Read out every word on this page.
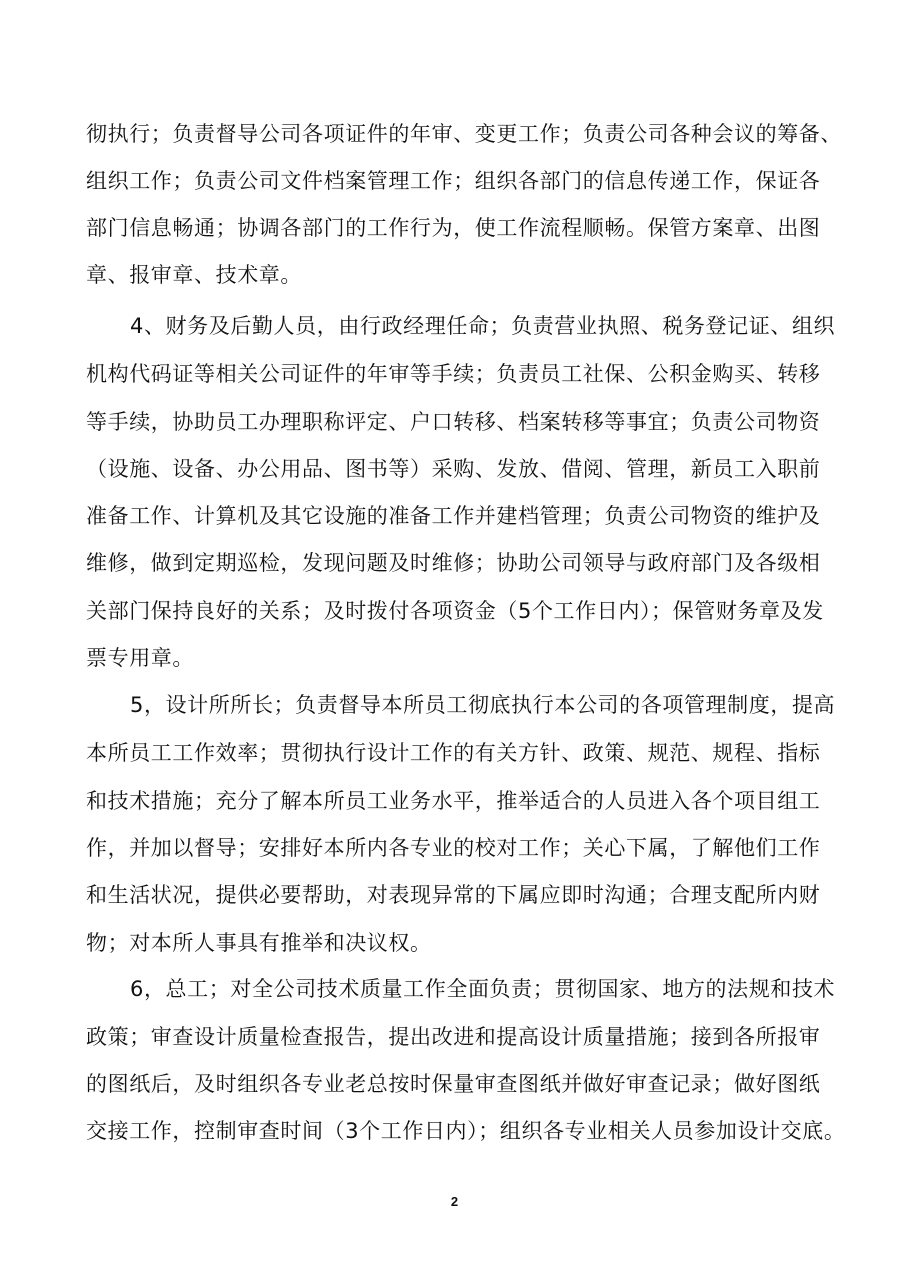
彻执行；负责督导公司各项证件的年审、变更工作；负责公司各种会议的筹备、
组织工作；负责公司文件档案管理工作；组织各部门的信息传递工作，保证各
部门信息畅通；协调各部门的工作行为，使工作流程顺畅。保管方案章、出图
章、报审章、技术章。
4、财务及后勤人员，由行政经理任命；负责营业执照、税务登记证、组织
机构代码证等相关公司证件的年审等手续；负责员工社保、公积金购买、转移
等手续，协助员工办理职称评定、户口转移、档案转移等事宜；负责公司物资
（设施、设备、办公用品、图书等）采购、发放、借阅、管理，新员工入职前
准备工作、计算机及其它设施的准备工作并建档管理；负责公司物资的维护及
维修，做到定期巡检，发现问题及时维修；协助公司领导与政府部门及各级相
关部门保持良好的关系；及时拨付各项资金（5个工作日内）；保管财务章及发
票专用章。
5，设计所所长；负责督导本所员工彻底执行本公司的各项管理制度，提高
本所员工工作效率；贯彻执行设计工作的有关方针、政策、规范、规程、指标
和技术措施；充分了解本所员工业务水平，推举适合的人员进入各个项目组工
作，并加以督导；安排好本所内各专业的校对工作；关心下属，了解他们工作
和生活状况，提供必要帮助，对表现异常的下属应即时沟通；合理支配所内财
物；对本所人事具有推举和决议权。
6，总工；对全公司技术质量工作全面负责；贯彻国家、地方的法规和技术
政策；审查设计质量检查报告，提出改进和提高设计质量措施；接到各所报审
的图纸后，及时组织各专业老总按时保量审查图纸并做好审查记录；做好图纸
交接工作，控制审查时间（3个工作日内）；组织各专业相关人员参加设计交底。
2
